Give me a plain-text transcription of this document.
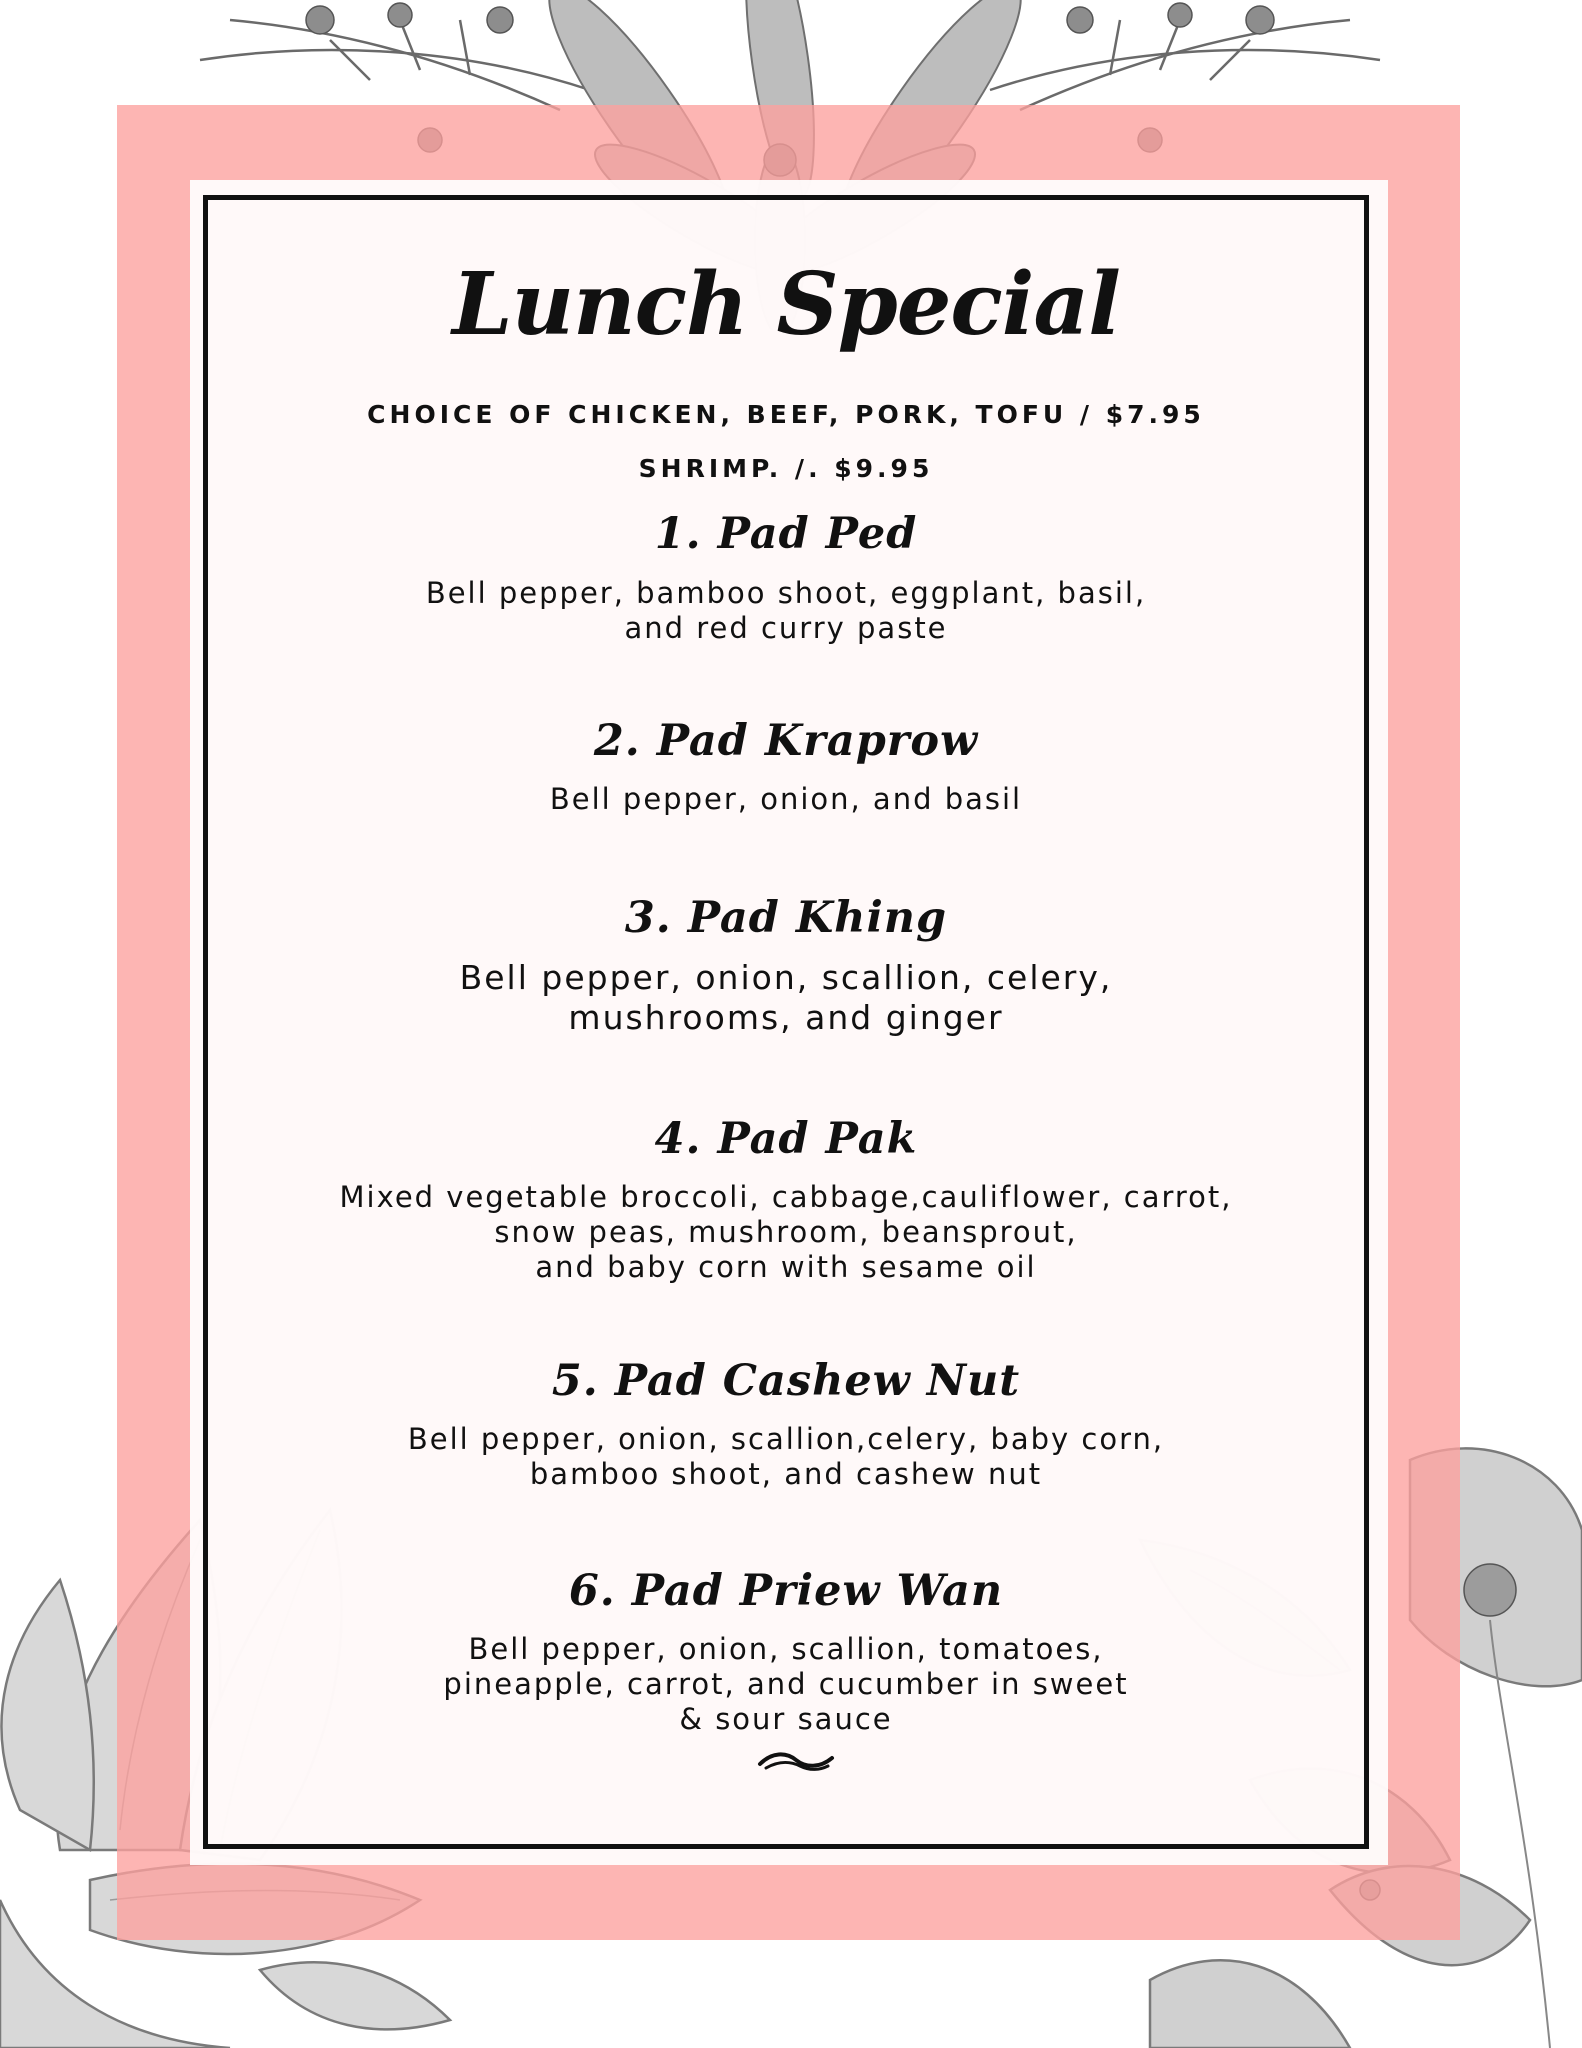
Lunch Special
CHOICE OF CHICKEN, BEEF, PORK, TOFU / $7.95
SHRIMP. /. $9.95
1. Pad Ped
Bell pepper, bamboo shoot, eggplant, basil,
and red curry paste
2. Pad Kraprow
Bell pepper, onion, and basil
3. Pad Khing
Bell pepper, onion, scallion, celery,
mushrooms, and ginger
4. Pad Pak
Mixed vegetable broccoli, cabbage,cauliflower, carrot,
snow peas, mushroom, beansprout,
and baby corn with sesame oil
5. Pad Cashew Nut
Bell pepper, onion, scallion,celery, baby corn,
bamboo shoot, and cashew nut
6. Pad Priew Wan
Bell pepper, onion, scallion, tomatoes,
pineapple, carrot, and cucumber in sweet
& sour sauce
